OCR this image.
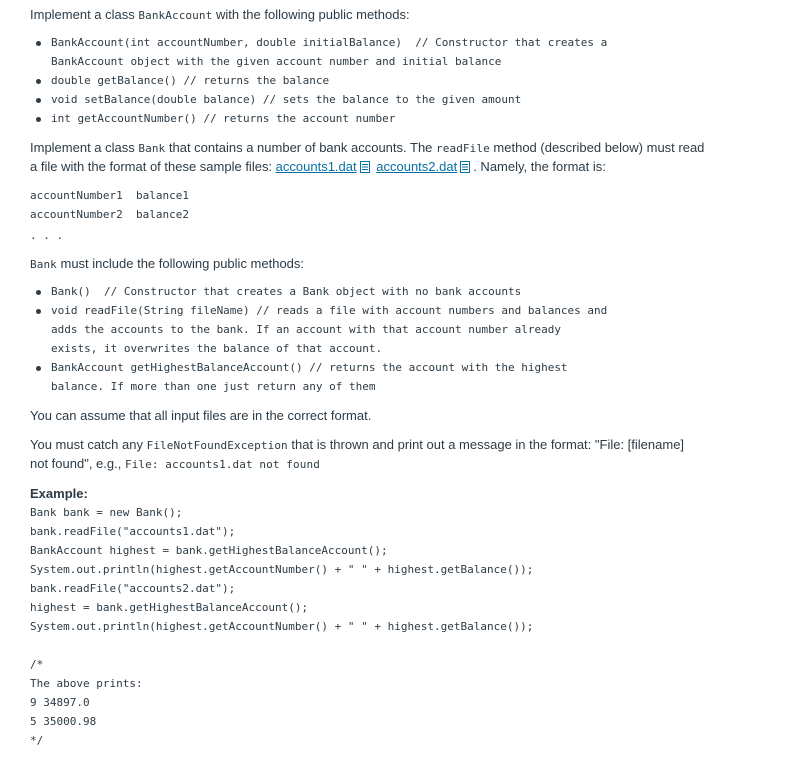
Implement a class BankAccount with the following public methods:

BankAccount(int accountNumber, double initialBalance)  // Constructor that creates a

BankAccount object with the given account number and initial balance

double getBalance() // returns the balance

void setBalance(double balance) // sets the balance to the given amount

int getAccountNumber() // returns the account number

Implement a class Bank that contains a number of bank accounts. The readFile method (described below) must read

a file with the format of these sample files: accounts1.dat accounts2.dat . Namely, the format is:

accountNumber1  balance1

accountNumber2  balance2

. . .

Bank must include the following public methods:

Bank()  // Constructor that creates a Bank object with no bank accounts

void readFile(String fileName) // reads a file with account numbers and balances and

adds the accounts to the bank. If an account with that account number already

exists, it overwrites the balance of that account.

BankAccount getHighestBalanceAccount() // returns the account with the highest

balance. If more than one just return any of them

You can assume that all input files are in the correct format.

You must catch any FileNotFoundException that is thrown and print out a message in the format: "File: [filename]

not found", e.g., File: accounts1.dat not found

Example:

Bank bank = new Bank();

bank.readFile("accounts1.dat");

BankAccount highest = bank.getHighestBalanceAccount();

System.out.println(highest.getAccountNumber() + " " + highest.getBalance());

bank.readFile("accounts2.dat");

highest = bank.getHighestBalanceAccount();

System.out.println(highest.getAccountNumber() + " " + highest.getBalance());

/*

The above prints:

9 34897.0

5 35000.98

*/
